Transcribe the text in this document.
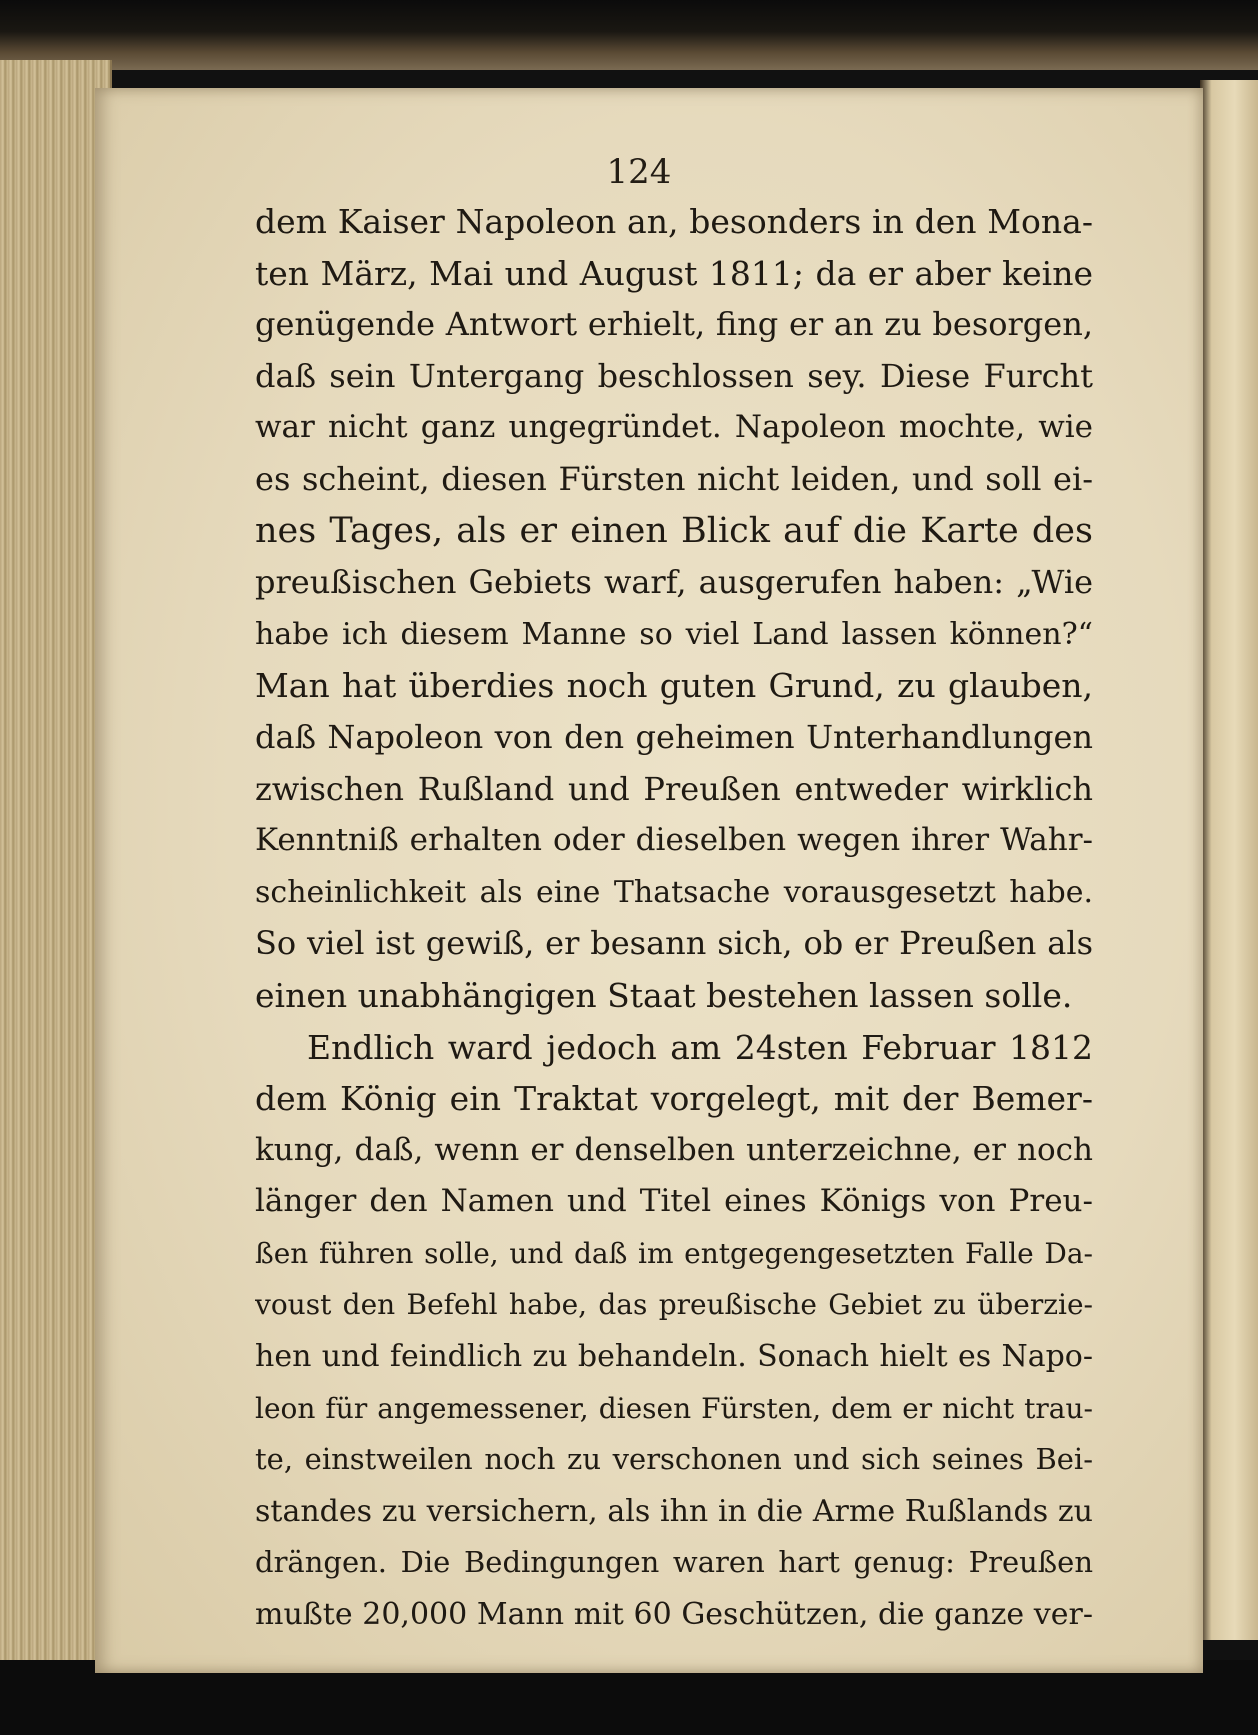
124
dem Kaiser Napoleon an, besonders in den Mona-
ten März, Mai und August 1811; da er aber keine
genügende Antwort erhielt, fing er an zu besorgen,
daß sein Untergang beschlossen sey. Diese Furcht
war nicht ganz ungegründet. Napoleon mochte, wie
es scheint, diesen Fürsten nicht leiden, und soll ei-
nes Tages, als er einen Blick auf die Karte des
preußischen Gebiets warf, ausgerufen haben: „Wie
habe ich diesem Manne so viel Land lassen können?“
Man hat überdies noch guten Grund, zu glauben,
daß Napoleon von den geheimen Unterhandlungen
zwischen Rußland und Preußen entweder wirklich
Kenntniß erhalten oder dieselben wegen ihrer Wahr-
scheinlichkeit als eine Thatsache vorausgesetzt habe.
So viel ist gewiß, er besann sich, ob er Preußen als
einen unabhängigen Staat bestehen lassen solle.
Endlich ward jedoch am 24sten Februar 1812
dem König ein Traktat vorgelegt, mit der Bemer-
kung, daß, wenn er denselben unterzeichne, er noch
länger den Namen und Titel eines Königs von Preu-
ßen führen solle, und daß im entgegengesetzten Falle Da-
voust den Befehl habe, das preußische Gebiet zu überzie-
hen und feindlich zu behandeln. Sonach hielt es Napo-
leon für angemessener, diesen Fürsten, dem er nicht trau-
te, einstweilen noch zu verschonen und sich seines Bei-
standes zu versichern, als ihn in die Arme Rußlands zu
drängen. Die Bedingungen waren hart genug: Preußen
mußte 20,000 Mann mit 60 Geschützen, die ganze ver-
